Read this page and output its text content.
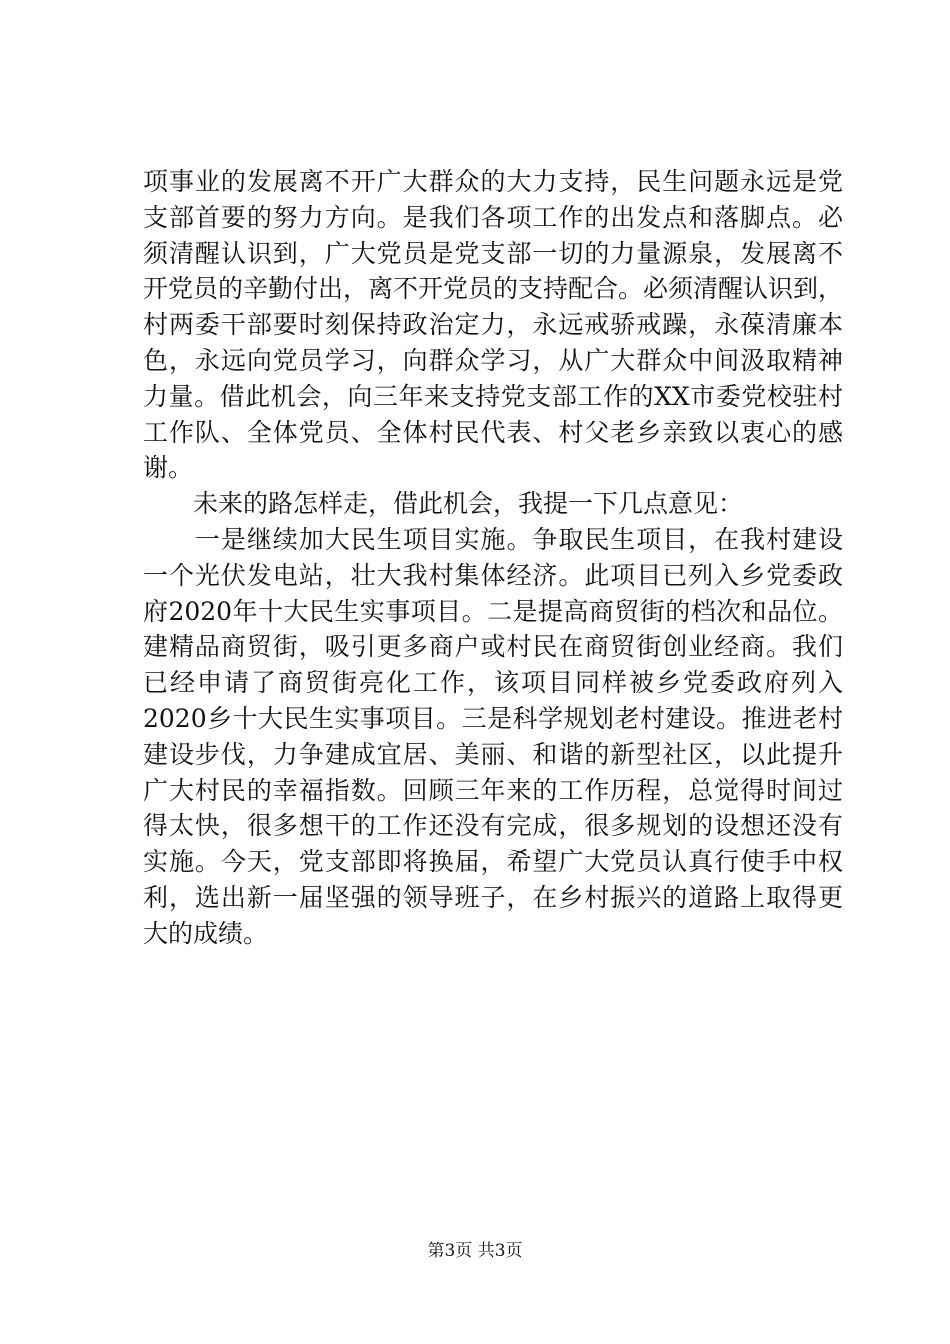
项事业的发展离不开广大群众的大力支持，民生问题永远是党
支部首要的努力方向。是我们各项工作的出发点和落脚点。必
须清醒认识到，广大党员是党支部一切的力量源泉，发展离不
开党员的辛勤付出，离不开党员的支持配合。必须清醒认识到，
村两委干部要时刻保持政治定力，永远戒骄戒躁，永葆清廉本
色，永远向党员学习，向群众学习，从广大群众中间汲取精神
力量。借此机会，向三年来支持党支部工作的XX市委党校驻村
工作队、全体党员、全体村民代表、村父老乡亲致以衷心的感
谢。
　　未来的路怎样走，借此机会，我提一下几点意见：
　　一是继续加大民生项目实施。争取民生项目，在我村建设
一个光伏发电站，壮大我村集体经济。此项目已列入乡党委政
府2020年十大民生实事项目。二是提高商贸街的档次和品位。
建精品商贸街，吸引更多商户或村民在商贸街创业经商。我们
已经申请了商贸街亮化工作，该项目同样被乡党委政府列入
2020乡十大民生实事项目。三是科学规划老村建设。推进老村
建设步伐，力争建成宜居、美丽、和谐的新型社区，以此提升
广大村民的幸福指数。回顾三年来的工作历程，总觉得时间过
得太快，很多想干的工作还没有完成，很多规划的设想还没有
实施。今天，党支部即将换届，希望广大党员认真行使手中权
利，选出新一届坚强的领导班子，在乡村振兴的道路上取得更
大的成绩。
第3页 共3页
